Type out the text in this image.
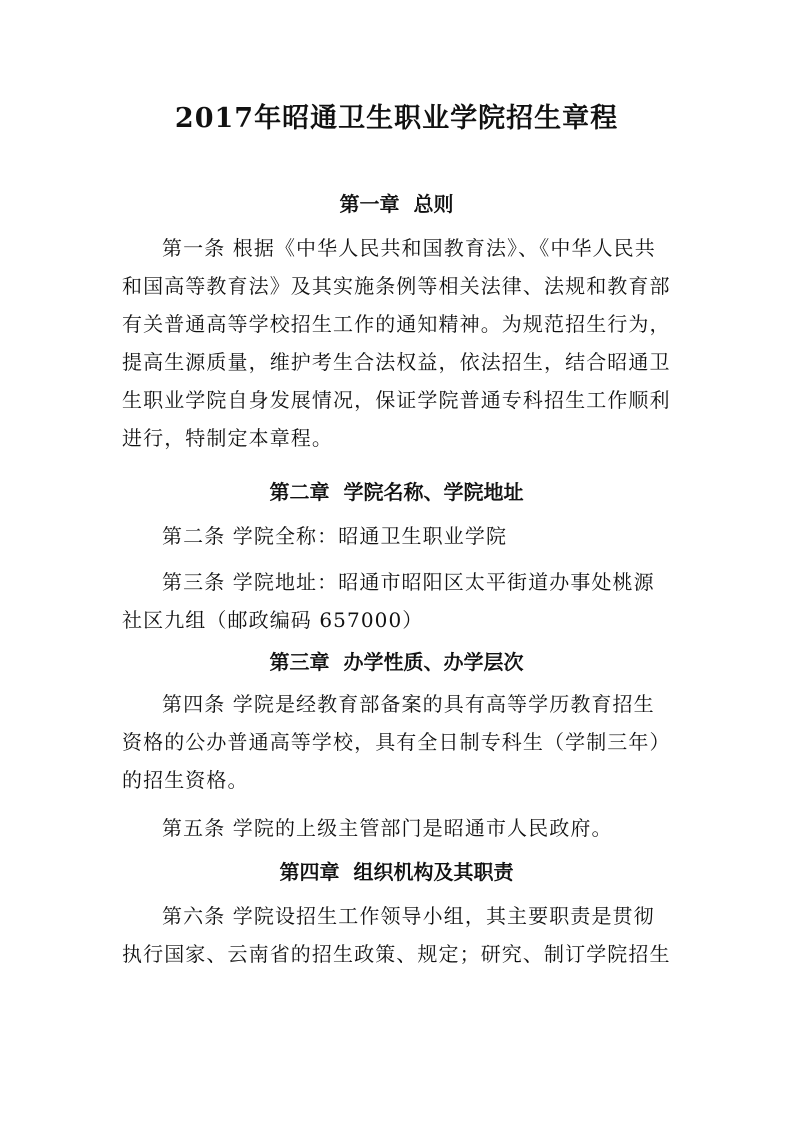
2017年昭通卫生职业学院招生章程
第一章  总则
第一条 根据《中华人民共和国教育法》、《中华人民共
和国高等教育法》及其实施条例等相关法律、法规和教育部
有关普通高等学校招生工作的通知精神。为规范招生行为，
提高生源质量，维护考生合法权益，依法招生，结合昭通卫
生职业学院自身发展情况，保证学院普通专科招生工作顺利
进行，特制定本章程。
第二章  学院名称、学院地址
第二条 学院全称：昭通卫生职业学院
第三条 学院地址：昭通市昭阳区太平街道办事处桃源
社区九组（邮政编码 657000）
第三章  办学性质、办学层次
第四条 学院是经教育部备案的具有高等学历教育招生
资格的公办普通高等学校，具有全日制专科生（学制三年）
的招生资格。
第五条 学院的上级主管部门是昭通市人民政府。
第四章  组织机构及其职责
第六条 学院设招生工作领导小组，其主要职责是贯彻
执行国家、云南省的招生政策、规定；研究、制订学院招生
